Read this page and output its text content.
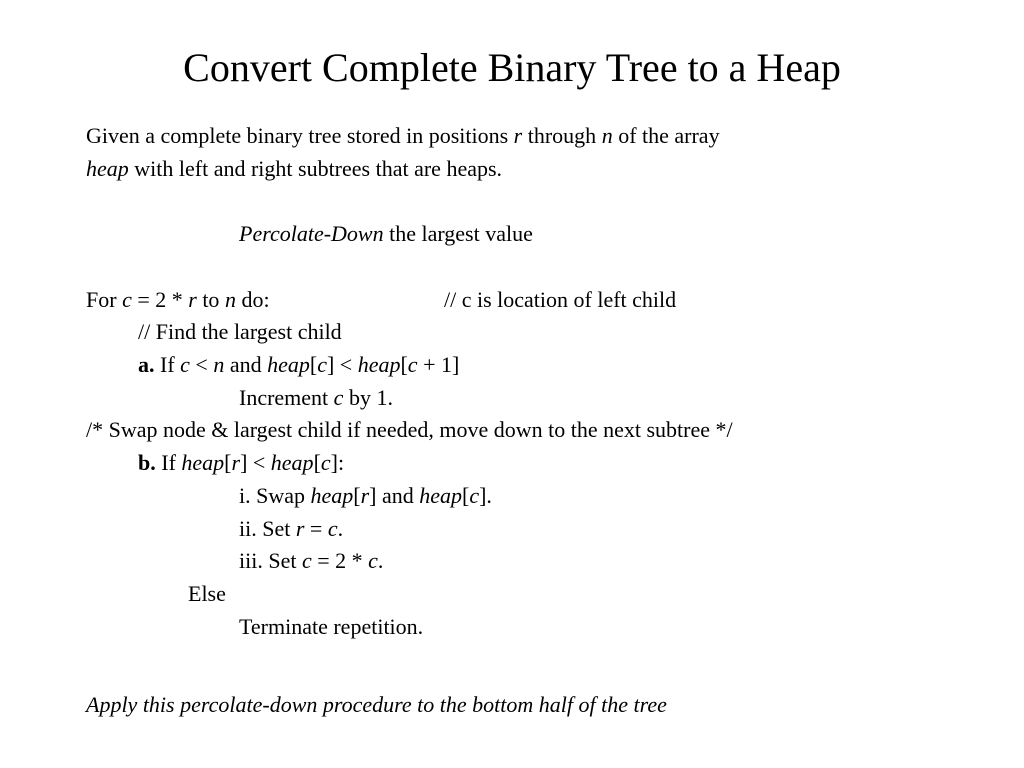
Convert Complete Binary Tree to a Heap
Given a complete binary tree stored in positions r through n of the array
heap with left and right subtrees that are heaps.
Percolate-Down the largest value
For c = 2 * r to n do:	// c is location of left child
// Find the largest child
a. If c < n and heap[c] < heap[c + 1]
Increment c by 1.
/* Swap node & largest child if needed, move down to the next subtree */
b. If heap[r] < heap[c]:
i. Swap heap[r] and heap[c].
ii. Set r = c.
iii. Set c = 2 * c.
Else
Terminate repetition.
Apply this percolate-down procedure to the bottom half of the tree
